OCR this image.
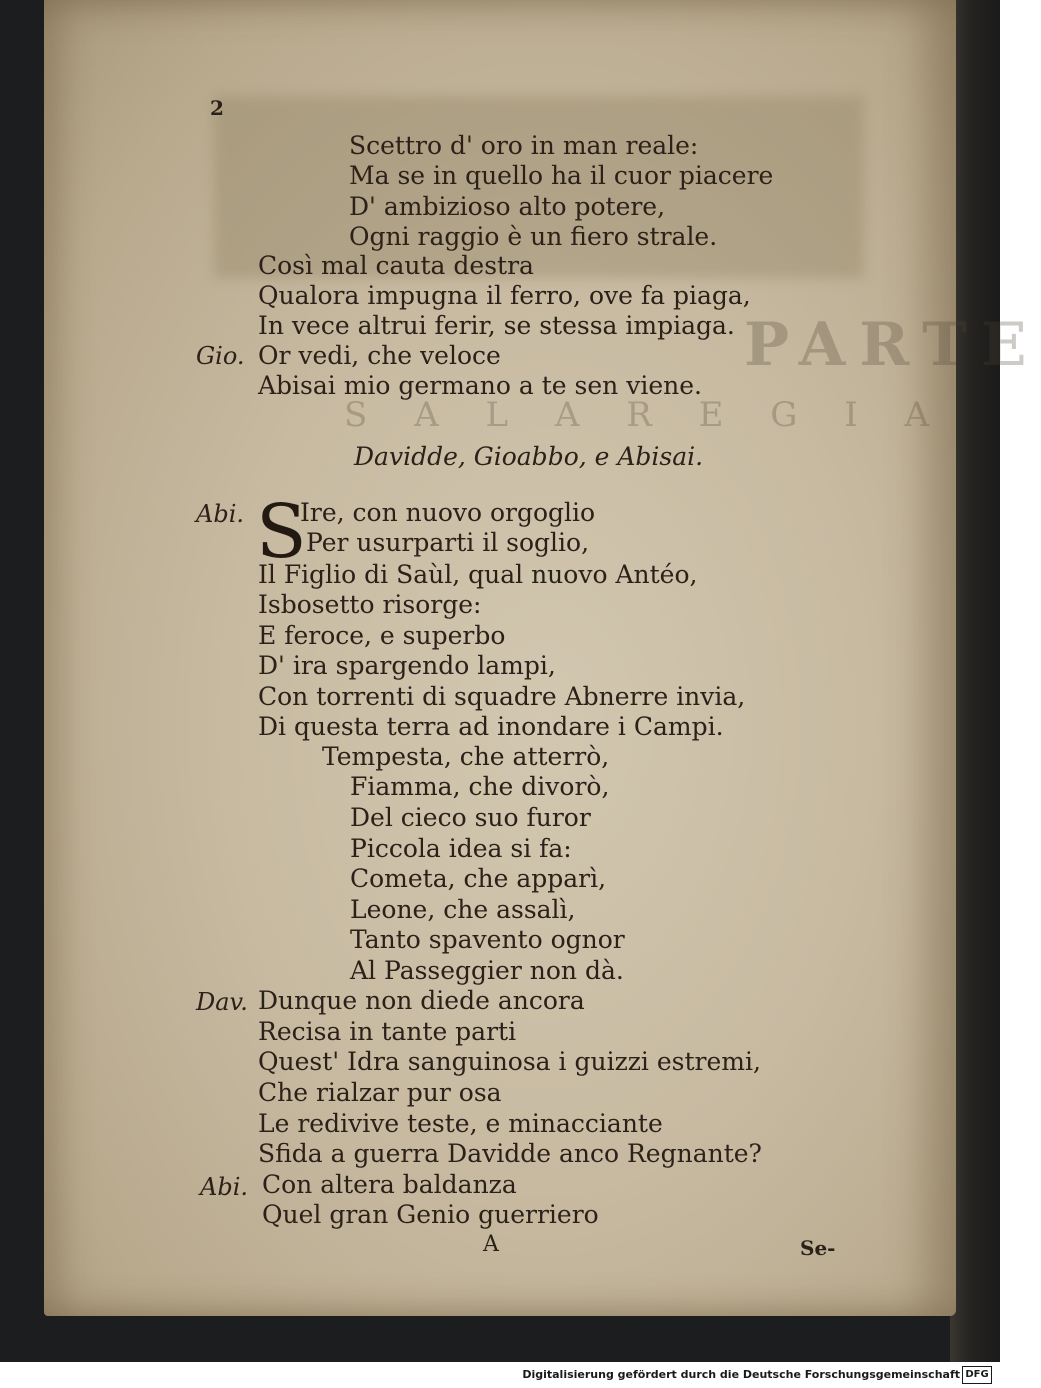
PARTE
S A L A R E G I A
2
Scettro d' oro in man reale:
Ma se in quello ha il cuor piacere
D' ambizioso alto potere,
Ogni raggio è un fiero strale.
Così mal cauta destra
Qualora impugna il ferro, ove fa piaga,
In vece altrui ferir, se stessa impiaga.
Gio. Or vedi, che veloce
Abisai mio germano a te sen viene.
Davidde, Gioabbo, e Abisai.
S
Abi. Ire, con nuovo orgoglio
Per usurparti il soglio,
Il Figlio di Saùl, qual nuovo Antéo,
Isbosetto risorge:
E feroce, e superbo
D' ira spargendo lampi,
Con torrenti di squadre Abnerre invia,
Di questa terra ad inondare i Campi.
Tempesta, che atterrò,
Fiamma, che divorò,
Del cieco suo furor
Piccola idea si fa:
Cometa, che apparì,
Leone, che assalì,
Tanto spavento ognor
Al Passeggier non dà.
Dav. Dunque non diede ancora
Recisa in tante parti
Quest' Idra sanguinosa i guizzi estremi,
Che rialzar pur osa
Le redivive teste, e minacciante
Sfida a guerra Davidde anco Regnante?
Abi. Con altera baldanza
Quel gran Genio guerriero
A	Se-
Digitalisierung gefördert durch die Deutsche Forschungsgemeinschaft DFG
